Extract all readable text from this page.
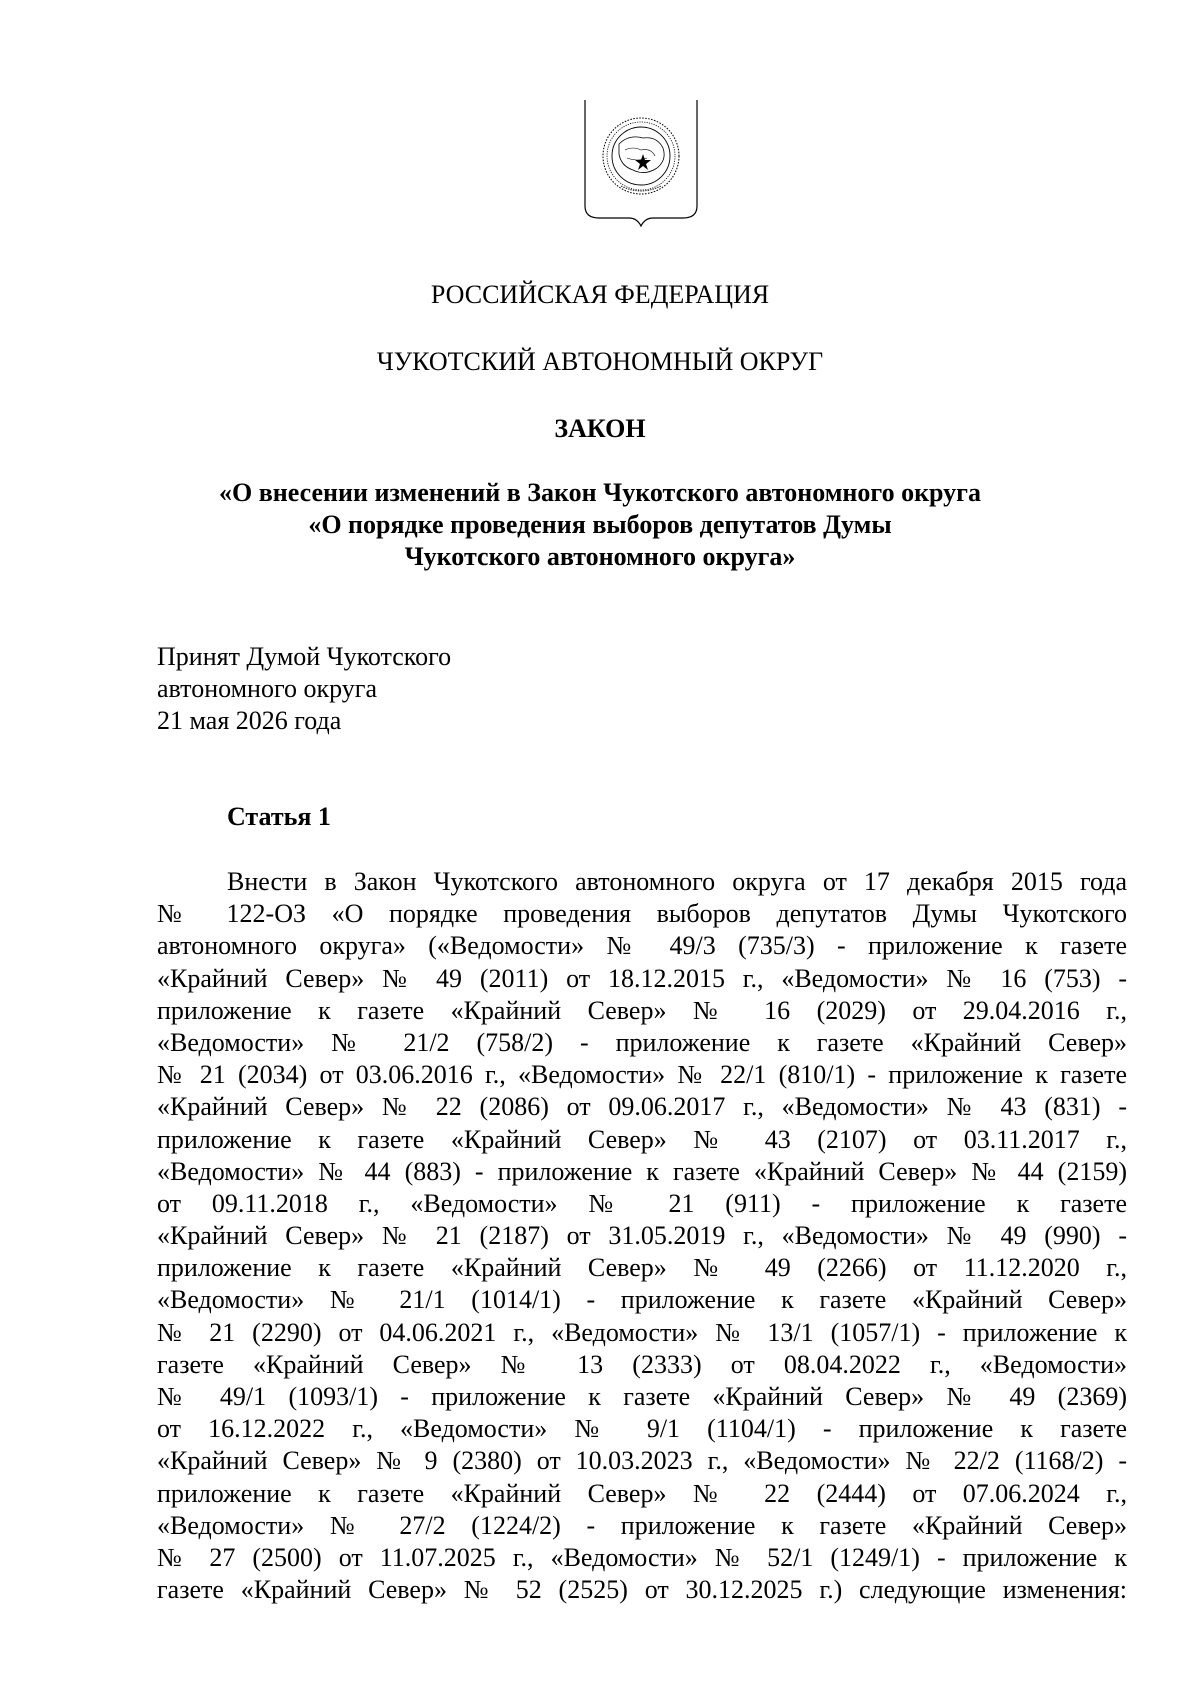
РОССИЙСКАЯ ФЕДЕРАЦИЯ
ЧУКОТСКИЙ АВТОНОМНЫЙ ОКРУГ
ЗАКОН
«О внесении изменений в Закон Чукотского автономного округа
«О порядке проведения выборов депутатов Думы
Чукотского автономного округа»
Принят Думой Чукотского
автономного округа
21 мая 2026 года
Статья 1
Внести в Закон Чукотского автономного округа от 17 декабря 2015 года
№ 122-ОЗ «О порядке проведения выборов депутатов Думы Чукотского
автономного округа» («Ведомости» № 49/3 (735/3) - приложение к газете
«Крайний Север» № 49 (2011) от 18.12.2015 г., «Ведомости» № 16 (753) -
приложение к газете «Крайний Север» № 16 (2029) от 29.04.2016 г.,
«Ведомости» № 21/2 (758/2) - приложение к газете «Крайний Север»
№ 21 (2034) от 03.06.2016 г., «Ведомости» № 22/1 (810/1) - приложение к газете
«Крайний Север» № 22 (2086) от 09.06.2017 г., «Ведомости» № 43 (831) -
приложение к газете «Крайний Север» № 43 (2107) от 03.11.2017 г.,
«Ведомости» № 44 (883) - приложение к газете «Крайний Север» № 44 (2159)
от 09.11.2018 г., «Ведомости» № 21 (911) - приложение к газете
«Крайний Север» № 21 (2187) от 31.05.2019 г., «Ведомости» № 49 (990) -
приложение к газете «Крайний Север» № 49 (2266) от 11.12.2020 г.,
«Ведомости» № 21/1 (1014/1) - приложение к газете «Крайний Север»
№ 21 (2290) от 04.06.2021 г., «Ведомости» № 13/1 (1057/1) - приложение к
газете «Крайний Север» № 13 (2333) от 08.04.2022 г., «Ведомости»
№ 49/1 (1093/1) - приложение к газете «Крайний Север» № 49 (2369)
от 16.12.2022 г., «Ведомости» № 9/1 (1104/1) - приложение к газете
«Крайний Север» № 9 (2380) от 10.03.2023 г., «Ведомости» № 22/2 (1168/2) -
приложение к газете «Крайний Север» № 22 (2444) от 07.06.2024 г.,
«Ведомости» № 27/2 (1224/2) - приложение к газете «Крайний Север»
№ 27 (2500) от 11.07.2025 г., «Ведомости» № 52/1 (1249/1) - приложение к
газете «Крайний Север» № 52 (2525) от 30.12.2025 г.) следующие изменения:
